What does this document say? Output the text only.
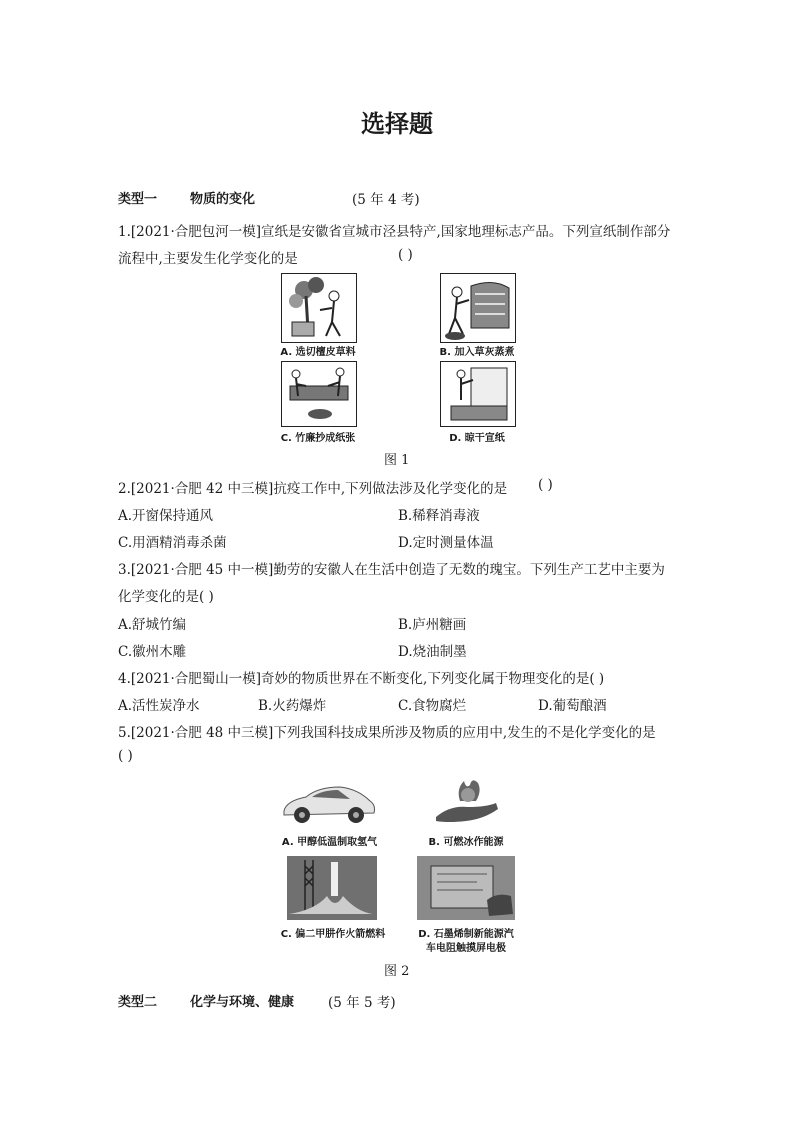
选择题
类型一	物质的变化	(5 年 4 考)
1.[2021·合肥包河一模]宣纸是安徽省宣城市泾县特产,国家地理标志产品。下列宣纸制作部分
流程中,主要发生化学变化的是	( )
A. 选切檀皮草料	B. 加入草灰蒸煮
C. 竹廉抄成纸张	D. 晾干宣纸
图 1
2.[2021·合肥 42 中三模]抗疫工作中,下列做法涉及化学变化的是 ( )
A.开窗保持通风	B.稀释消毒液
C.用酒精消毒杀菌	D.定时测量体温
3.[2021·合肥 45 中一模]勤劳的安徽人在生活中创造了无数的瑰宝。下列生产工艺中主要为
化学变化的是( )
A.舒城竹编	B.庐州糖画
C.徽州木雕	D.烧油制墨
4.[2021·合肥蜀山一模]奇妙的物质世界在不断变化,下列变化属于物理变化的是( )
A.活性炭净水	B.火药爆炸	C.食物腐烂	D.葡萄酿酒
5.[2021·合肥 48 中三模]下列我国科技成果所涉及物质的应用中,发生的不是化学变化的是
( )
A. 甲醇低温制取氢气	B. 可燃冰作能源
C. 偏二甲肼作火箭燃料	D. 石墨烯制新能源汽
车电阻触摸屏电极
图 2
类型二	化学与环境、健康	(5 年 5 考)
